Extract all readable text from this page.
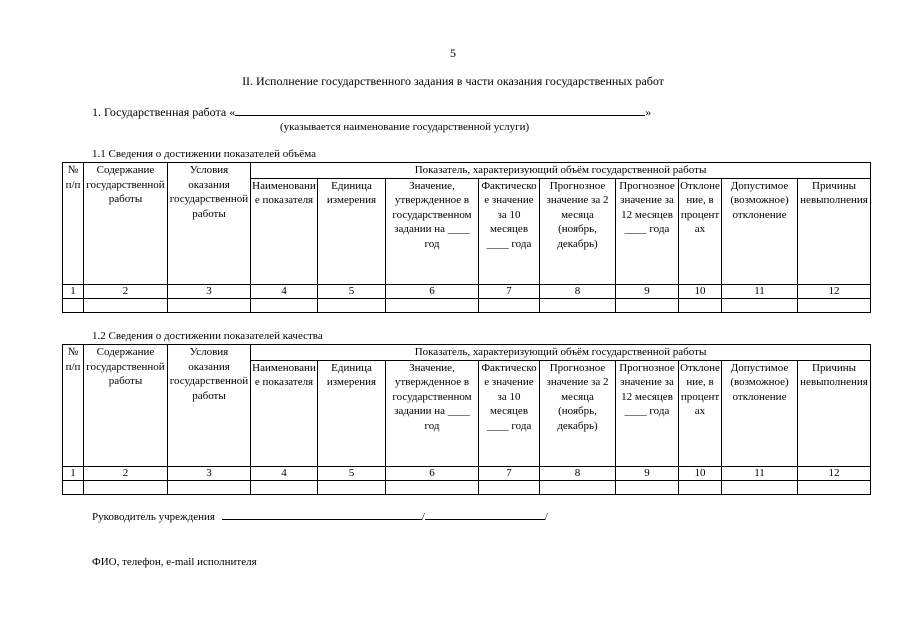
5
II. Исполнение государственного задания в части оказания государственных работ
1. Государственная работа «	»
(указывается наименование государственной услуги)
1.1 Сведения о достижении показателей объёма
№ п/п	Содержание государственной работы	Условия оказания государственной работы	Показатель, характеризующий объём государственной работы								
			Наименование показателя	Единица измерения	Значение, утвержденное в государственном задании на ____ год	Фактическое значение за 10 месяцев ____ года	Прогнозное значение за 2 месяца (ноябрь, декабрь)	Прогнозное значение за 12 месяцев ____ года	Отклонение, в процентах	Допустимое (возможное) отклонение	Причины невыполнения
1	2	3	4	5	6	7	8	9	10	11	12

1.2 Сведения о достижении показателей качества
№ п/п	Содержание государственной работы	Условия оказания государственной работы	Показатель, характеризующий объём государственной работы								
			Наименование показателя	Единица измерения	Значение, утвержденное в государственном задании на ____ год	Фактическое значение за 10 месяцев ____ года	Прогнозное значение за 2 месяца (ноябрь, декабрь)	Прогнозное значение за 12 месяцев ____ года	Отклонение, в процентах	Допустимое (возможное) отклонение	Причины невыполнения
1	2	3	4	5	6	7	8	9	10	11	12

Руководитель учреждения	/	/
ФИО, телефон, e-mail исполнителя
